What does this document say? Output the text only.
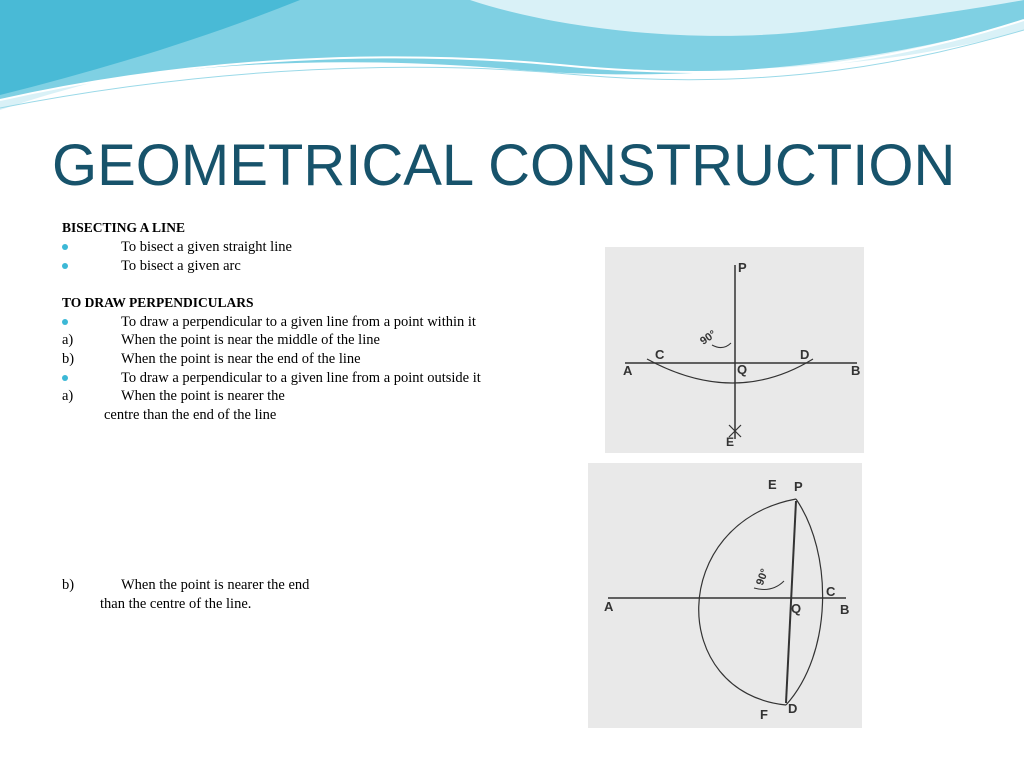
GEOMETRICAL CONSTRUCTION
BISECTING A LINE
To bisect a given straight line
To bisect a given arc
TO DRAW PERPENDICULARS
To draw a perpendicular to a given line from a point within it
a)	When the point is near the middle of the line
b)	When the point is near the end of the line
To draw a perpendicular to a given line from a point outside it
a)	When the point is nearer the
centre than the end of the line
b)	When the point is nearer the end
than the centre of the line.
P
A	B
C	D
Q
E
90°
E P
A	B
C
Q
F D
90°
